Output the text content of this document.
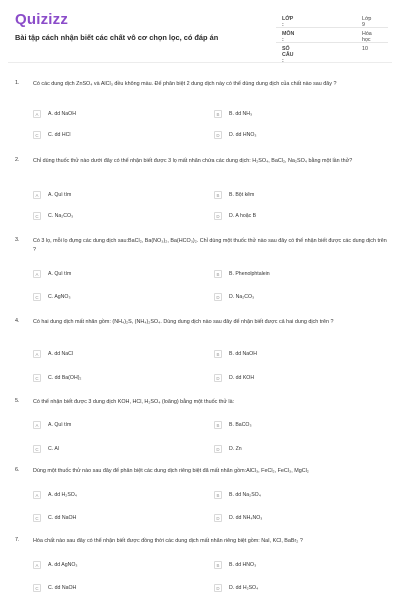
Quizizz
Bài tập cách nhận biết các chất vô cơ chọn lọc, có đáp án
LỚP :
Lớp 9
MÔN :
Hóa học
SỐ CÂU :
10
1.	Có các dung dịch ZnSO₄ và AlCl₃ đều không màu. Để phân biệt 2 dung dịch này có thể dùng dung dịch của chất nào sau đây ?
2.	Chỉ dùng thuốc thử nào dưới đây có thể nhận biết được 3 lọ mất nhãn chứa các dung dịch: H₂SO₄, BaCl₂, Na₂SO₄ bằng một lần thử?
3.	Có 3 lọ, mỗi lọ đựng các dung dịch sau:BaCl₂, Ba(NO₃)₂, Ba(HCO₃)₂. Chỉ dùng một thuốc thử nào sau đây có thể nhận biết được các dung dịch trên ?
4.	Có hai dung dịch mất nhãn gồm: (NH₄)₂S, (NH₄)₂SO₄. Dùng dung dịch nào sau đây để nhận biết được cả hai dung dịch trên ?
5.	Có thể nhận biết được 3 dung dịch KOH, HCl, H₂SO₄ (loãng) bằng một thuốc thử là:
6.	Dùng một thuốc thử nào sau đây để phân biệt các dung dịch riêng biệt đã mất nhãn gồm:AlCl₃, FeCl₂, FeCl₃, MgCl₂
7.	Hóa chất nào sau đây có thể nhận biết được đồng thời các dung dịch mất nhãn riêng biệt gồm: NaI, KCl, BaBr₂ ?
A	A. dd NaOH	B	B. dd NH₃
C	C. dd HCl	D	D. dd HNO₃
A	A. Quì tím	B	B. Bột kẽm
C	C. Na₂CO₃	D	D. A hoặc B
A	A. Quì tím	B	B. Phenolphtalein
C	C. AgNO₃	D	D. Na₂CO₃
A	A. dd NaCl	B	B. dd NaOH
C	C. dd Ba(OH)₂	D	D. dd KOH
A	A. Quì tím	B	B. BaCO₃
C	C. Al	D	D. Zn
A	A. dd H₂SO₄	B	B. dd Na₂SO₄
C	C. dd NaOH	D	D. dd NH₄NO₃
A	A. dd AgNO₃	B	B. dd HNO₃
C	C. dd NaOH	D	D. dd H₂SO₄
